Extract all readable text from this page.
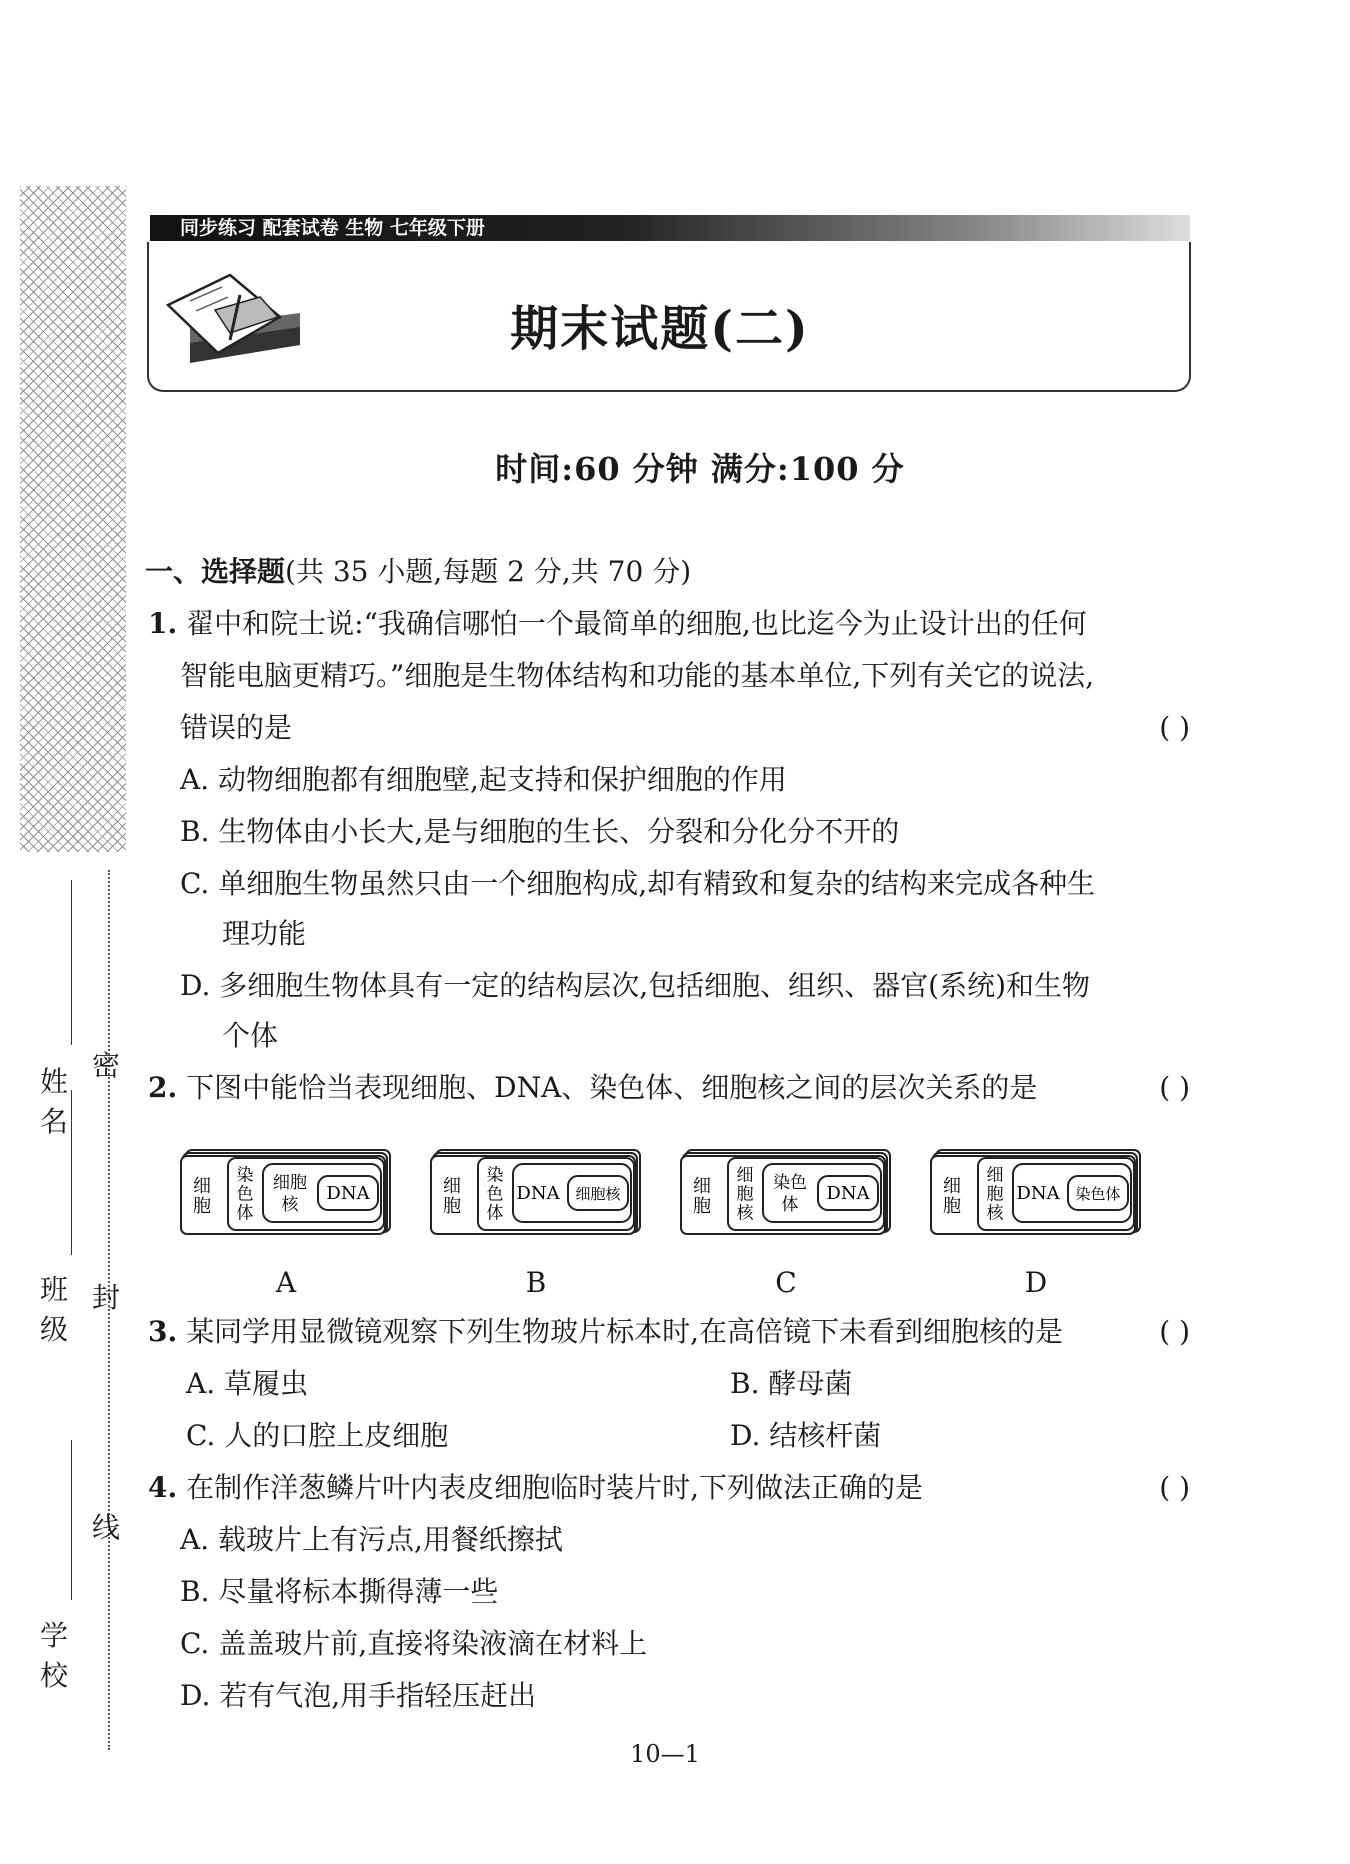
密
封
线
姓名
班级
学校
同步练习 配套试卷 生物 七年级下册
期末试题(二)
时间:60 分钟 满分:100 分
一、选择题(共 35 小题,每题 2 分,共 70 分)
1. 翟中和院士说:“我确信哪怕一个最简单的细胞,也比迄今为止设计出的任何
智能电脑更精巧。”细胞是生物体结构和功能的基本单位,下列有关它的说法,
错误的是	( )
A. 动物细胞都有细胞壁,起支持和保护细胞的作用
B. 生物体由小长大,是与细胞的生长、分裂和分化分不开的
C. 单细胞生物虽然只由一个细胞构成,却有精致和复杂的结构来完成各种生
理功能
D. 多细胞生物体具有一定的结构层次,包括细胞、组织、器官(系统)和生物
个体
2. 下图中能恰当表现细胞、DNA、染色体、细胞核之间的层次关系的是	( )
细胞
染色体
细胞
核
DNA
A
细胞
染色体
DNA 细胞核
B
细胞
细胞核
染色
体
DNA
C
细胞
细胞核
DNA 染色体
D
3. 某同学用显微镜观察下列生物玻片标本时,在高倍镜下未看到细胞核的是	( )
A. 草履虫	B. 酵母菌
C. 人的口腔上皮细胞	D. 结核杆菌
4. 在制作洋葱鳞片叶内表皮细胞临时装片时,下列做法正确的是	( )
A. 载玻片上有污点,用餐纸擦拭
B. 尽量将标本撕得薄一些
C. 盖盖玻片前,直接将染液滴在材料上
D. 若有气泡,用手指轻压赶出
10—1
